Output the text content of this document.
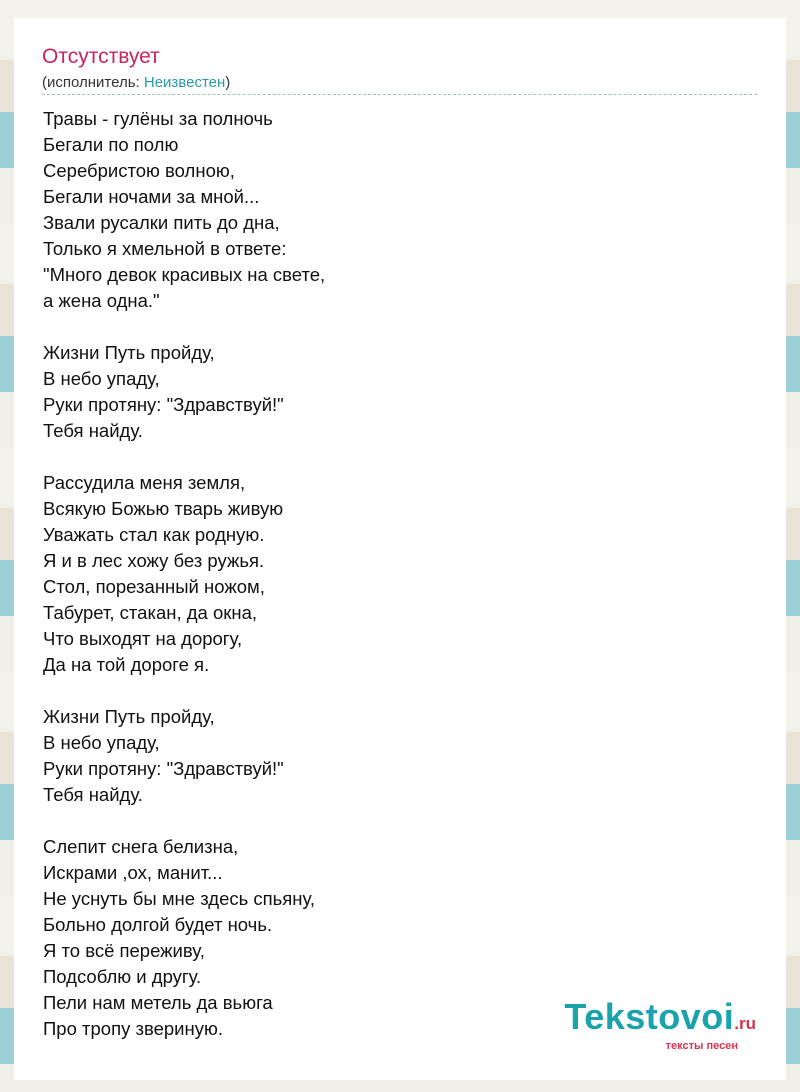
Отсутствует
(исполнитель: Неизвестен)
Травы - гулёны за полночь
Бегали по полю
Серебристою волною,
Бегали ночами за мной...
Звали русалки пить до дна,
Только я хмельной в ответе:
"Много девок красивых на свете,
а жена одна."
Жизни Путь пройду,
В небо упаду,
Руки протяну: "Здравствуй!"
Тебя найду.
Рассудила меня земля,
Всякую Божью тварь живую
Уважать стал как родную.
Я и в лес хожу без ружья.
Стол, порезанный ножом,
Табурет, стакан, да окна,
Что выходят на дорогу,
Да на той дороге я.
Жизни Путь пройду,
В небо упаду,
Руки протяну: "Здравствуй!"
Тебя найду.
Слепит снега белизна,
Искрами ,ох, манит...
Не уснуть бы мне здесь спьяну,
Больно долгой будет ночь.
Я то всё переживу,
Подсоблю и другу.
Пели нам метель да вьюга
Про тропу звериную.	Tekstovoi.ru
тексты песен
